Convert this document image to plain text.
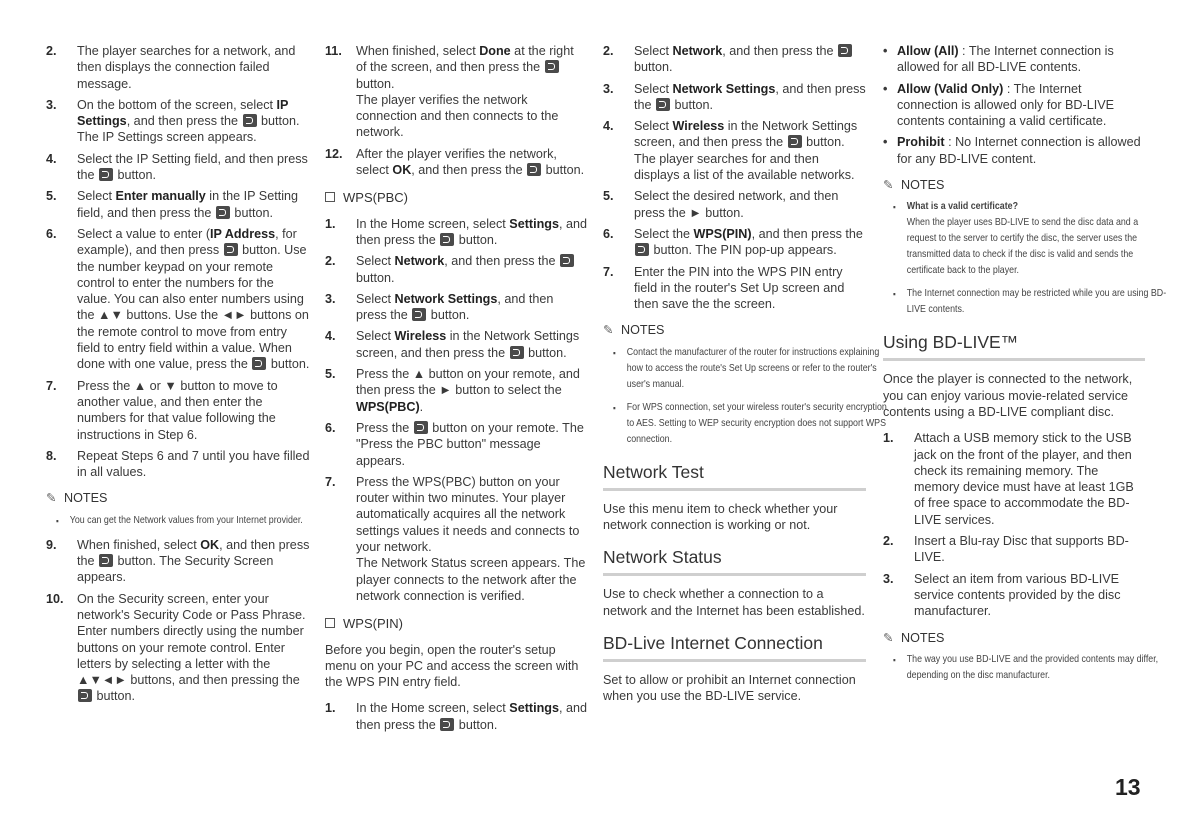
2. The player searches for a network, and then displays the connection failed message.
3. On the bottom of the screen, select IP Settings, and then press the  button.
The IP Settings screen appears.
4. Select the IP Setting field, and then press the  button.
5. Select Enter manually in the IP Setting field, and then press the  button.
6. Select a value to enter (IP Address, for example), and then press  button. Use the number keypad on your remote control to enter the numbers for the value. You can also enter numbers using the ▲▼ buttons. Use the ◄► buttons on the remote control to move from entry field to entry field within a value. When done with one value, press the  button.
7. Press the ▲ or ▼ button to move to another value, and then enter the numbers for that value following the instructions in Step 6.
8. Repeat Steps 6 and 7 until you have filled in all values.
✎ NOTES
▪ You can get the Network values from your Internet provider.
9. When finished, select OK, and then press the  button. The Security Screen appears.
10. On the Security screen, enter your network's Security Code or Pass Phrase. Enter numbers directly using the number buttons on your remote control. Enter letters by selecting a letter with the ▲▼◄► buttons, and then pressing the  button.
11. When finished, select Done at the right of the screen, and then press the  button.
The player verifies the network connection and then connects to the network.
12. After the player verifies the network, select OK, and then press the  button.
WPS(PBC)
1. In the Home screen, select Settings, and then press the  button.
2. Select Network, and then press the  button.
3. Select Network Settings, and then press the  button.
4. Select Wireless in the Network Settings screen, and then press the  button.
5. Press the ▲ button on your remote, and then press the ► button to select the WPS(PBC).
6. Press the  button on your remote. The "Press the PBC button" message appears.
7. Press the WPS(PBC) button on your router within two minutes. Your player automatically acquires all the network settings values it needs and connects to your network.
The Network Status screen appears. The player connects to the network after the network connection is verified.
WPS(PIN)
Before you begin, open the router's setup menu on your PC and access the screen with the WPS PIN entry field.
1. In the Home screen, select Settings, and then press the  button.
2. Select Network, and then press the  button.
3. Select Network Settings, and then press the  button.
4. Select Wireless in the Network Settings screen, and then press the  button.
The player searches for and then displays a list of the available networks.
5. Select the desired network, and then press the ► button.
6. Select the WPS(PIN), and then press the  button. The PIN pop-up appears.
7. Enter the PIN into the WPS PIN entry field in the router's Set Up screen and then save the the screen.
✎ NOTES
▪ Contact the manufacturer of the router for instructions explaining how to access the route's Set Up screens or refer to the router's user's manual.
▪ For WPS connection, set your wireless router's security encryption to AES. Setting to WEP security encryption does not support WPS connection.
Network Test
Use this menu item to check whether your network connection is working or not.
Network Status
Use to check whether a connection to a network and the Internet has been established.
BD-Live Internet Connection
Set to allow or prohibit an Internet connection when you use the BD-LIVE service.
• Allow (All) : The Internet connection is allowed for all BD-LIVE contents.
• Allow (Valid Only) : The Internet connection is allowed only for BD-LIVE contents containing a valid certificate.
• Prohibit : No Internet connection is allowed for any BD-LIVE content.
✎ NOTES
▪ What is a valid certificate?
When the player uses BD-LIVE to send the disc data and a request to the server to certify the disc, the server uses the transmitted data to check if the disc is valid and sends the certificate back to the player.
▪ The Internet connection may be restricted while you are using BD-LIVE contents.
Using BD-LIVE™
Once the player is connected to the network, you can enjoy various movie-related service contents using a BD-LIVE compliant disc.
1. Attach a USB memory stick to the USB jack on the front of the player, and then check its remaining memory. The memory device must have at least 1GB of free space to accommodate the BD-LIVE services.
2. Insert a Blu-ray Disc that supports BD-LIVE.
3. Select an item from various BD-LIVE service contents provided by the disc manufacturer.
✎ NOTES
▪ The way you use BD-LIVE and the provided contents may differ, depending on the disc manufacturer.
13
